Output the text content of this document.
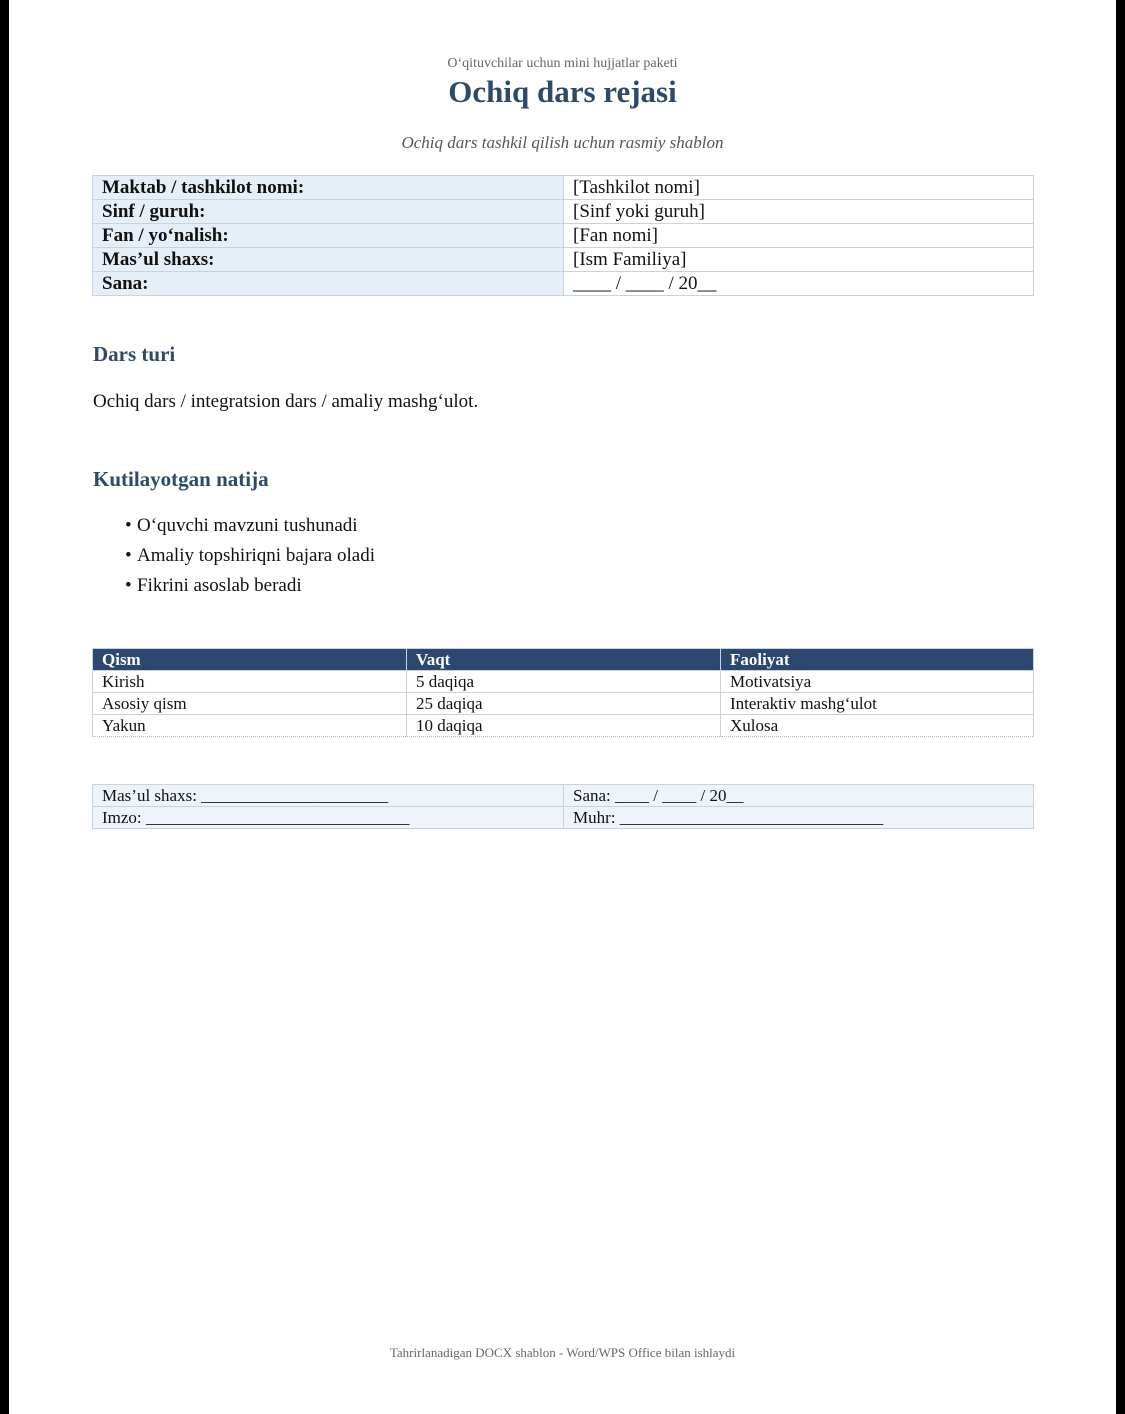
O‘qituvchilar uchun mini hujjatlar paketi
Ochiq dars rejasi
Ochiq dars tashkil qilish uchun rasmiy shablon
Maktab / tashkilot nomi:	[Tashkilot nomi]
Sinf / guruh:	[Sinf yoki guruh]
Fan / yo‘nalish:	[Fan nomi]
Mas’ul shaxs:	[Ism Familiya]
Sana:	____ / ____ / 20__
Dars turi
Ochiq dars / integratsion dars / amaliy mashg‘ulot.
Kutilayotgan natija
• O‘quvchi mavzuni tushunadi
• Amaliy topshiriqni bajara oladi
• Fikrini asoslab beradi
Qism	Vaqt	Faoliyat
Kirish	5 daqiqa	Motivatsiya
Asosiy qism	25 daqiqa	Interaktiv mashg‘ulot
Yakun	10 daqiqa	Xulosa
Mas’ul shaxs: ______________________	Sana: ____ / ____ / 20__
Imzo: _______________________________	Muhr: _______________________________
Tahrirlanadigan DOCX shablon - Word/WPS Office bilan ishlaydi
